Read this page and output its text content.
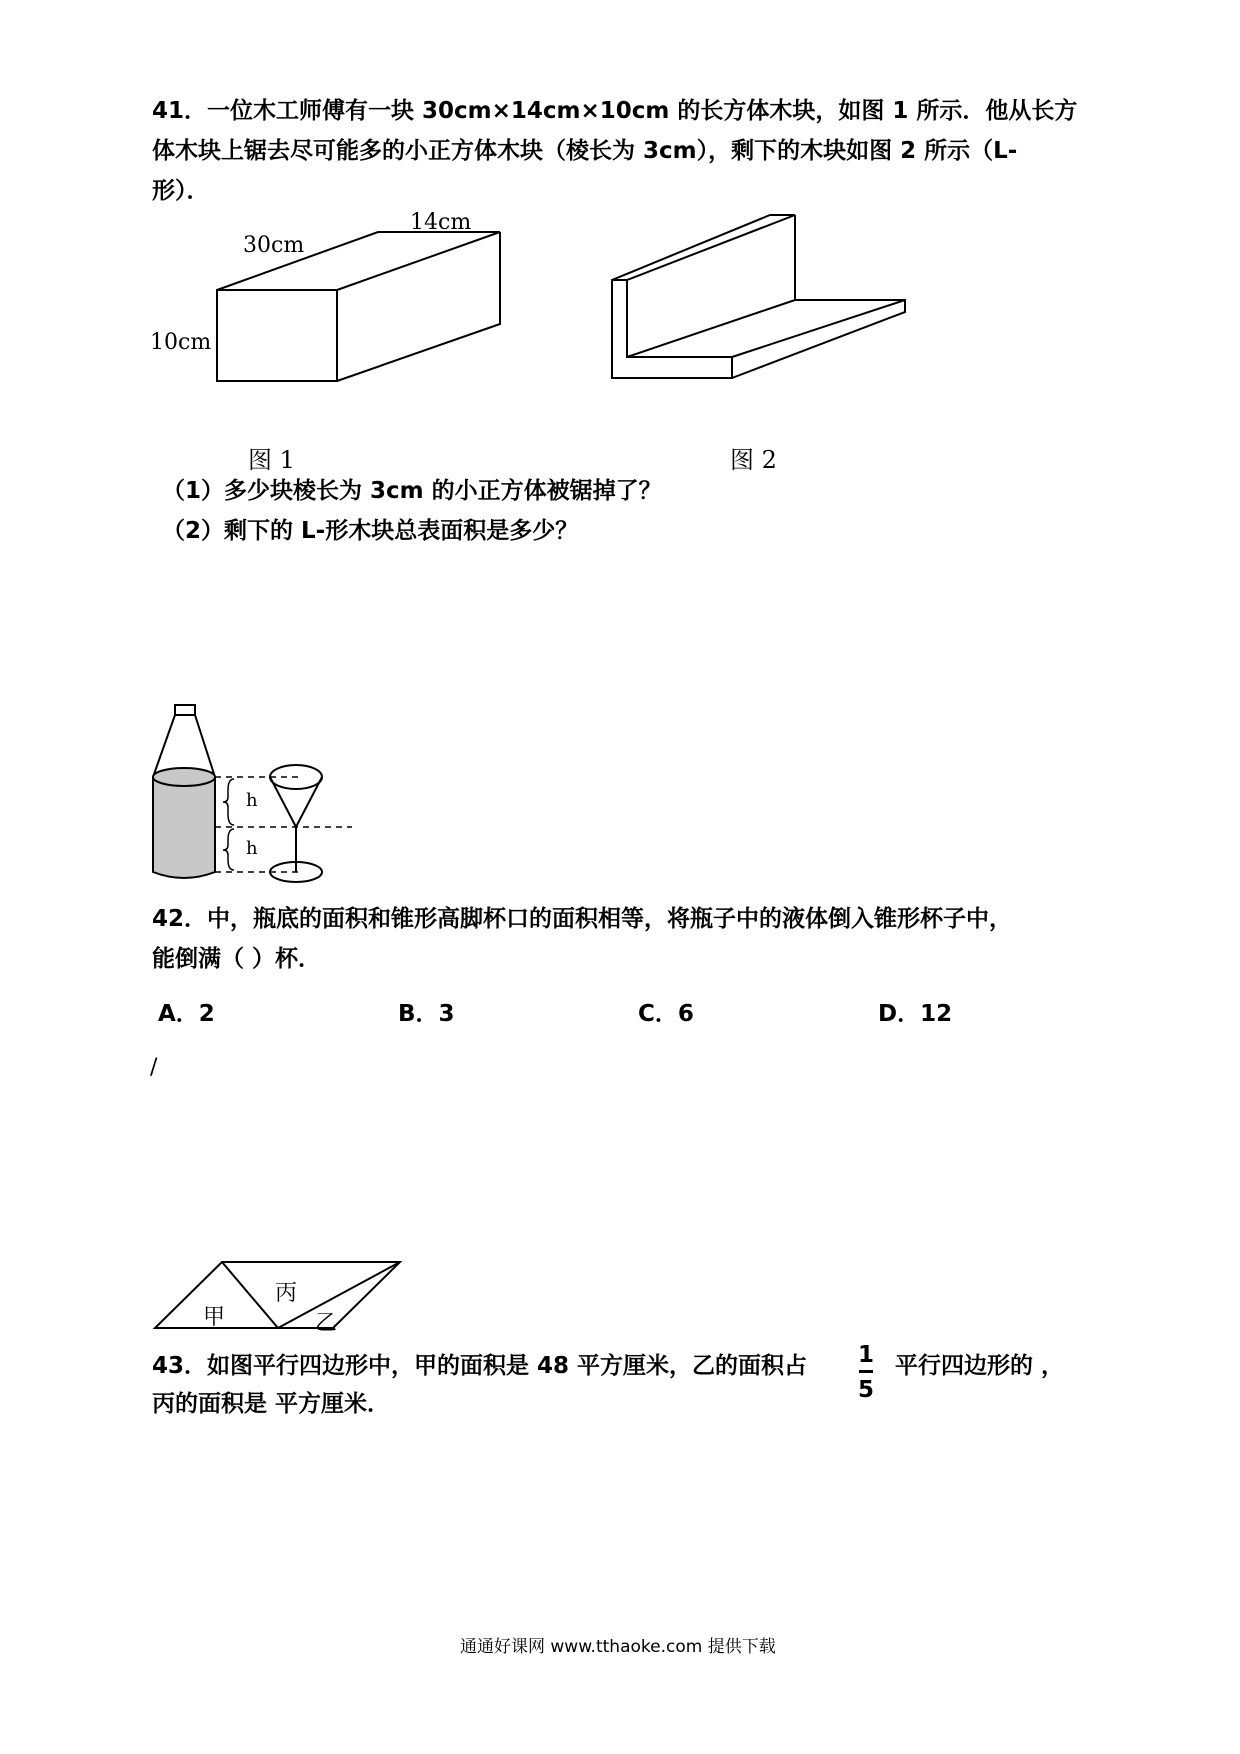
41．一位木工师傅有一块 30cm×14cm×10cm 的长方体木块，如图 1 所示．他从长方
体木块上锯去尽可能多的小正方体木块（棱长为 3cm），剩下的木块如图 2 所示（L-
形）．
30cm
14cm
10cm
图 1	图 2
（1）多少块棱长为 3cm 的小正方体被锯掉了？
（2）剩下的 L-形木块总表面积是多少？
h
h
42．中，瓶底的面积和锥形高脚杯口的面积相等，将瓶子中的液体倒入锥形杯子中，
能倒满（ ）杯．
A．2	B．3	C．6	D．12
/
甲
丙
乙
43．如图平行四边形中，甲的面积是 48 平方厘米，乙的面积占 1
5
平行四边形的 ，
丙的面积是 平方厘米．
通通好课网 www.tthaoke.com 提供下载
